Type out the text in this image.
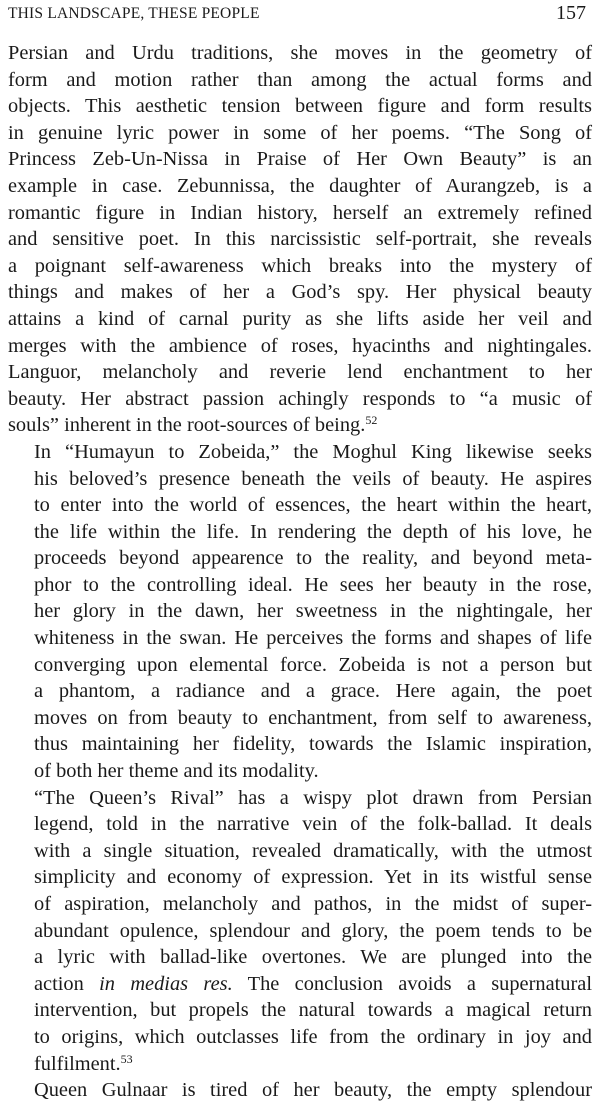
THIS LANDSCAPE, THESE PEOPLE	157

Persian and Urdu traditions, she moves in the geometry of
form and motion rather than among the actual forms and
objects. This aesthetic tension between figure and form results
in genuine lyric power in some of her poems. “The Song of
Princess Zeb-Un-Nissa in Praise of Her Own Beauty” is an
example in case. Zebunnissa, the daughter of Aurangzeb, is a
romantic figure in Indian history, herself an extremely refined
and sensitive poet. In this narcissistic self-portrait, she reveals
a poignant self-awareness which breaks into the mystery of
things and makes of her a God’s spy. Her physical beauty
attains a kind of carnal purity as she lifts aside her veil and
merges with the ambience of roses, hyacinths and nightingales.
Languor, melancholy and reverie lend enchantment to her
beauty. Her abstract passion achingly responds to “a music of
souls” inherent in the root-sources of being.$^{52}$

In “Humayun to Zobeida,” the Moghul King likewise seeks
his beloved’s presence beneath the veils of beauty. He aspires
to enter into the world of essences, the heart within the heart,
the life within the life. In rendering the depth of his love, he
proceeds beyond appearence to the reality, and beyond meta-
phor to the controlling ideal. He sees her beauty in the rose,
her glory in the dawn, her sweetness in the nightingale, her
whiteness in the swan. He perceives the forms and shapes of life
converging upon elemental force. Zobeida is not a person but
a phantom, a radiance and a grace. Here again, the poet
moves on from beauty to enchantment, from self to awareness,
thus maintaining her fidelity, towards the Islamic inspiration,
of both her theme and its modality.

“The Queen’s Rival” has a wispy plot drawn from Persian
legend, told in the narrative vein of the folk-ballad. It deals
with a single situation, revealed dramatically, with the utmost
simplicity and economy of expression. Yet in its wistful sense
of aspiration, melancholy and pathos, in the midst of super-
abundant opulence, splendour and glory, the poem tends to be
a lyric with ballad-like overtones. We are plunged into the
action in medias res. The conclusion avoids a supernatural
intervention, but propels the natural towards a magical return
to origins, which outclasses life from the ordinary in joy and
fulfilment.$^{53}$

Queen Gulnaar is tired of her beauty, the empty splendour
